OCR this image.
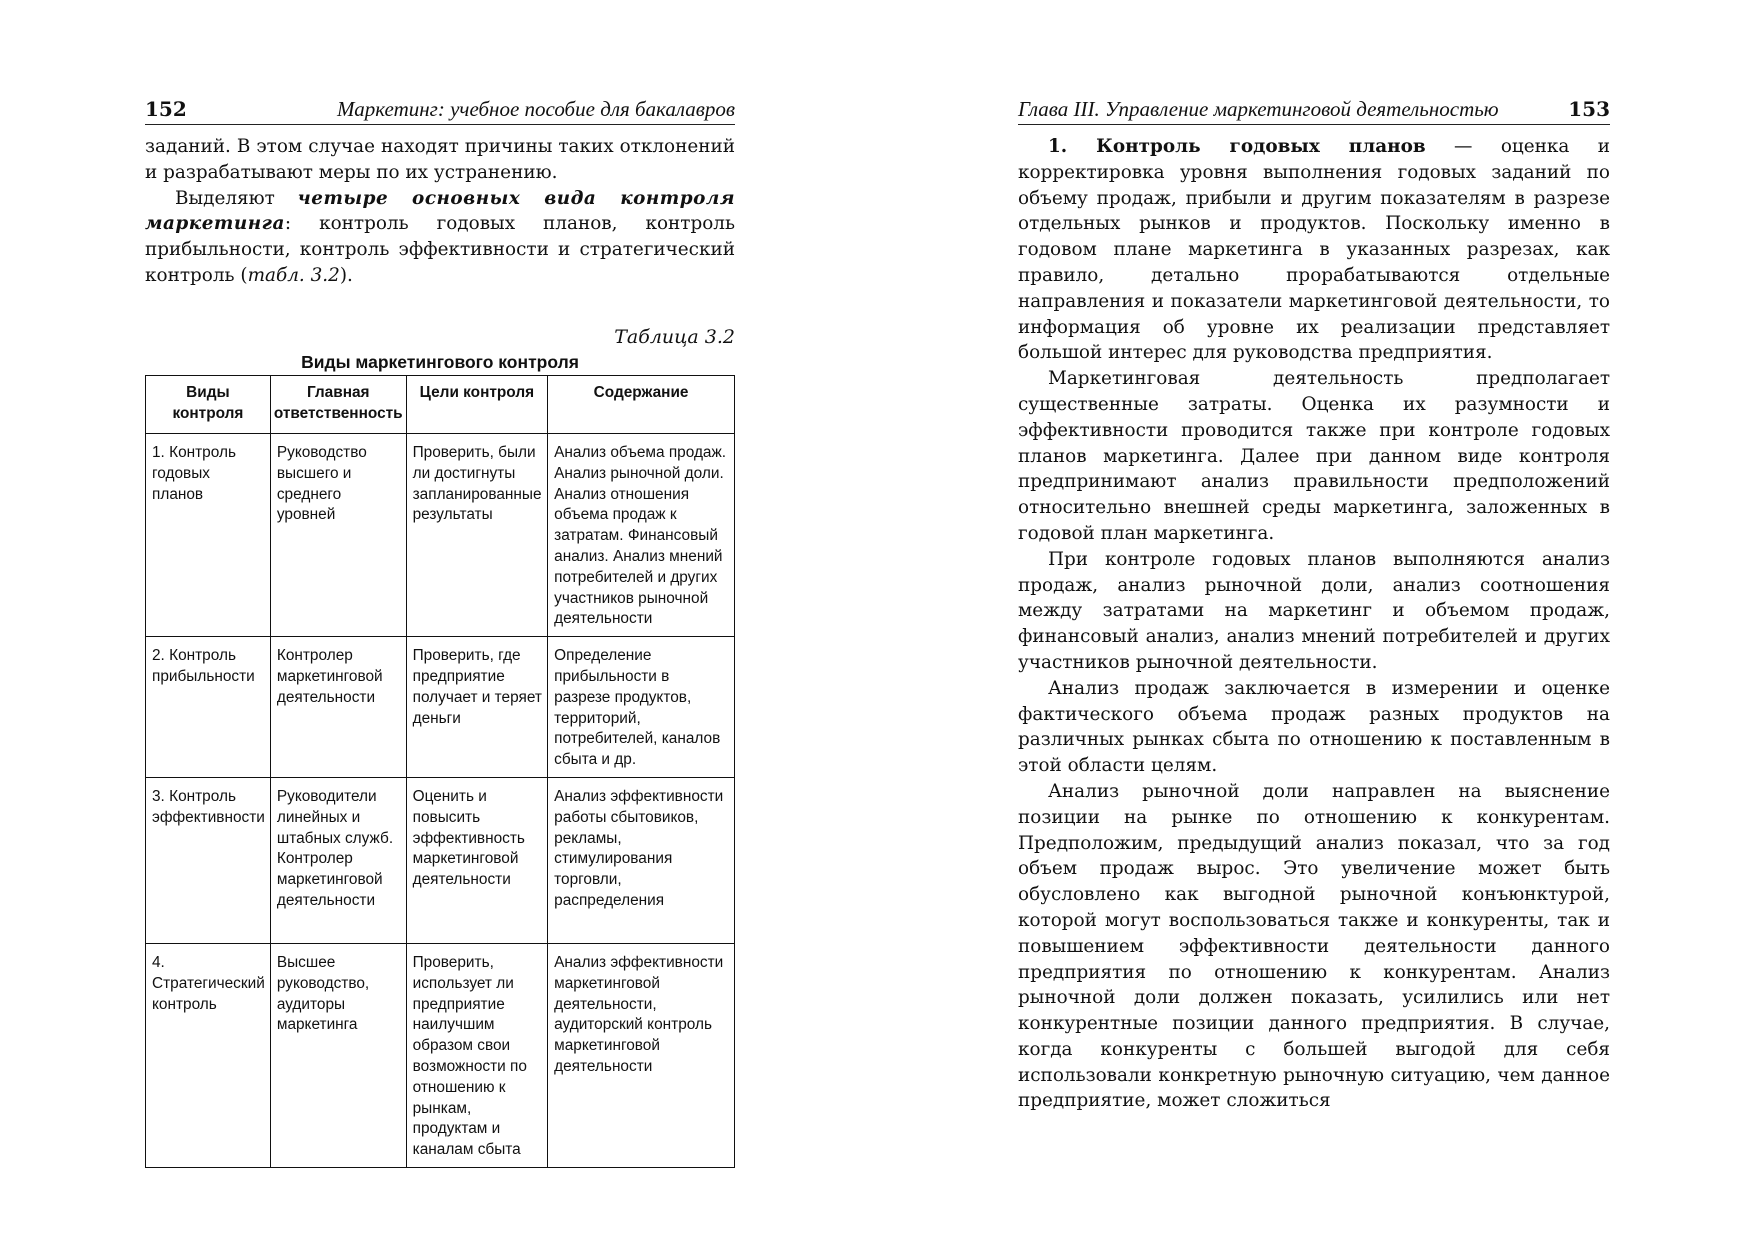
152	Маркетинг: учебное пособие для бакалавров

заданий. В этом случае находят причины таких отклонений и разрабатывают меры по их устранению.

Выделяют четыре основных вида контроля маркетинга: контроль годовых планов, контроль прибыльности, контроль эффективности и стратегический контроль (табл. 3.2).

Таблица 3.2
Виды маркетингового контроля
Виды контроля	Главная ответственность	Цели контроля	Содержание
1. Контроль годовых планов	Руководство высшего и среднего уровней	Проверить, были ли достигнуты запланированные результаты	Анализ объема продаж. Анализ рыночной доли. Анализ отношения объема продаж к затратам. Финансовый анализ. Анализ мнений потребителей и других участников рыночной деятельности
2. Контроль прибыльности	Контролер маркетинговой деятельности	Проверить, где предприятие получает и теряет деньги	Определение прибыльности в разрезе продуктов, территорий, потребителей, каналов сбыта и др.
3. Контроль эффективности	Руководители линейных и штабных служб. Контролер маркетинговой деятельности	Оценить и повысить эффективность маркетинговой деятельности	Анализ эффективности работы сбытовиков, рекламы, стимулирования торговли, распределения
4. Стратегический контроль	Высшее руководство, аудиторы маркетинга	Проверить, использует ли предприятие наилучшим образом свои возможности по отношению к рынкам, продуктам и каналам сбыта	Анализ эффективности маркетинговой деятельности, аудиторский контроль маркетинговой деятельности
Глава III. Управление маркетинговой деятельностью	153

1. Контроль годовых планов — оценка и корректировка уровня выполнения годовых заданий по объему продаж, прибыли и другим показателям в разрезе отдельных рынков и продуктов. Поскольку именно в годовом плане маркетинга в указанных разрезах, как правило, детально прорабатываются отдельные направления и показатели маркетинговой деятельности, то информация об уровне их реализации представляет большой интерес для руководства предприятия.

Маркетинговая деятельность предполагает существенные затраты. Оценка их разумности и эффективности проводится также при контроле годовых планов маркетинга. Далее при данном виде контроля предпринимают анализ правильности предположений относительно внешней среды маркетинга, заложенных в годовой план маркетинга.

При контроле годовых планов выполняются анализ продаж, анализ рыночной доли, анализ соотношения между затратами на маркетинг и объемом продаж, финансовый анализ, анализ мнений потребителей и других участников рыночной деятельности.

Анализ продаж заключается в измерении и оценке фактического объема продаж разных продуктов на различных рынках сбыта по отношению к поставленным в этой области целям.

Анализ рыночной доли направлен на выяснение позиции на рынке по отношению к конкурентам. Предположим, предыдущий анализ показал, что за год объем продаж вырос. Это увеличение может быть обусловлено как выгодной рыночной конъюнктурой, которой могут воспользоваться также и конкуренты, так и повышением эффективности деятельности данного предприятия по отношению к конкурентам. Анализ рыночной доли должен показать, усилились или нет конкурентные позиции данного предприятия. В случае, когда конкуренты с большей выгодой для себя использовали конкретную рыночную ситуацию, чем данное предприятие, может сложиться
